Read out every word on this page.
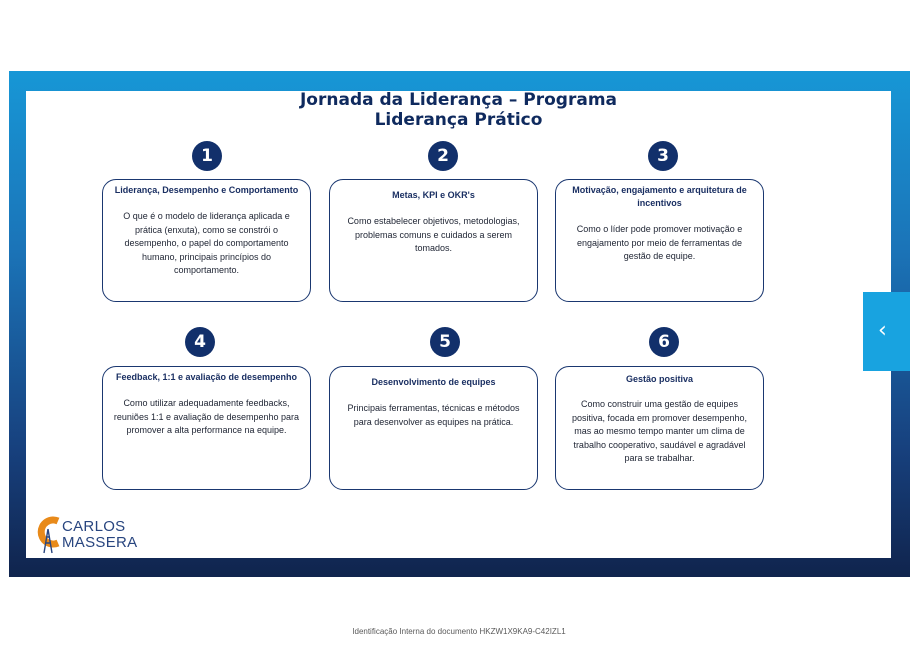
Jornada da Liderança – Programa
Liderança Prático
1
Liderança, Desempenho e Comportamento
O que é o modelo de liderança aplicada e prática (enxuta), como se constrói o desempenho, o papel do comportamento humano, principais princípios do comportamento.
2
Metas, KPI e OKR's
Como estabelecer objetivos, metodologias, problemas comuns e cuidados a serem tomados.
3
Motivação, engajamento e arquitetura de incentivos
Como o líder pode promover motivação e engajamento por meio de ferramentas de gestão de equipe.
4
Feedback, 1:1 e avaliação de desempenho
Como utilizar adequadamente feedbacks, reuniões 1:1 e avaliação de desempenho para promover a alta performance na equipe.
5
Desenvolvimento de equipes
Principais ferramentas, técnicas e métodos para desenvolver as equipes na prática.
6
Gestão positiva
Como construir uma gestão de equipes positiva, focada em promover desempenho, mas ao mesmo tempo manter um clima de trabalho cooperativo, saudável e agradável para se trabalhar.
CARLOS
MASSERA
‹
Identificação Interna do documento HKZW1X9KA9-C42IZL1
